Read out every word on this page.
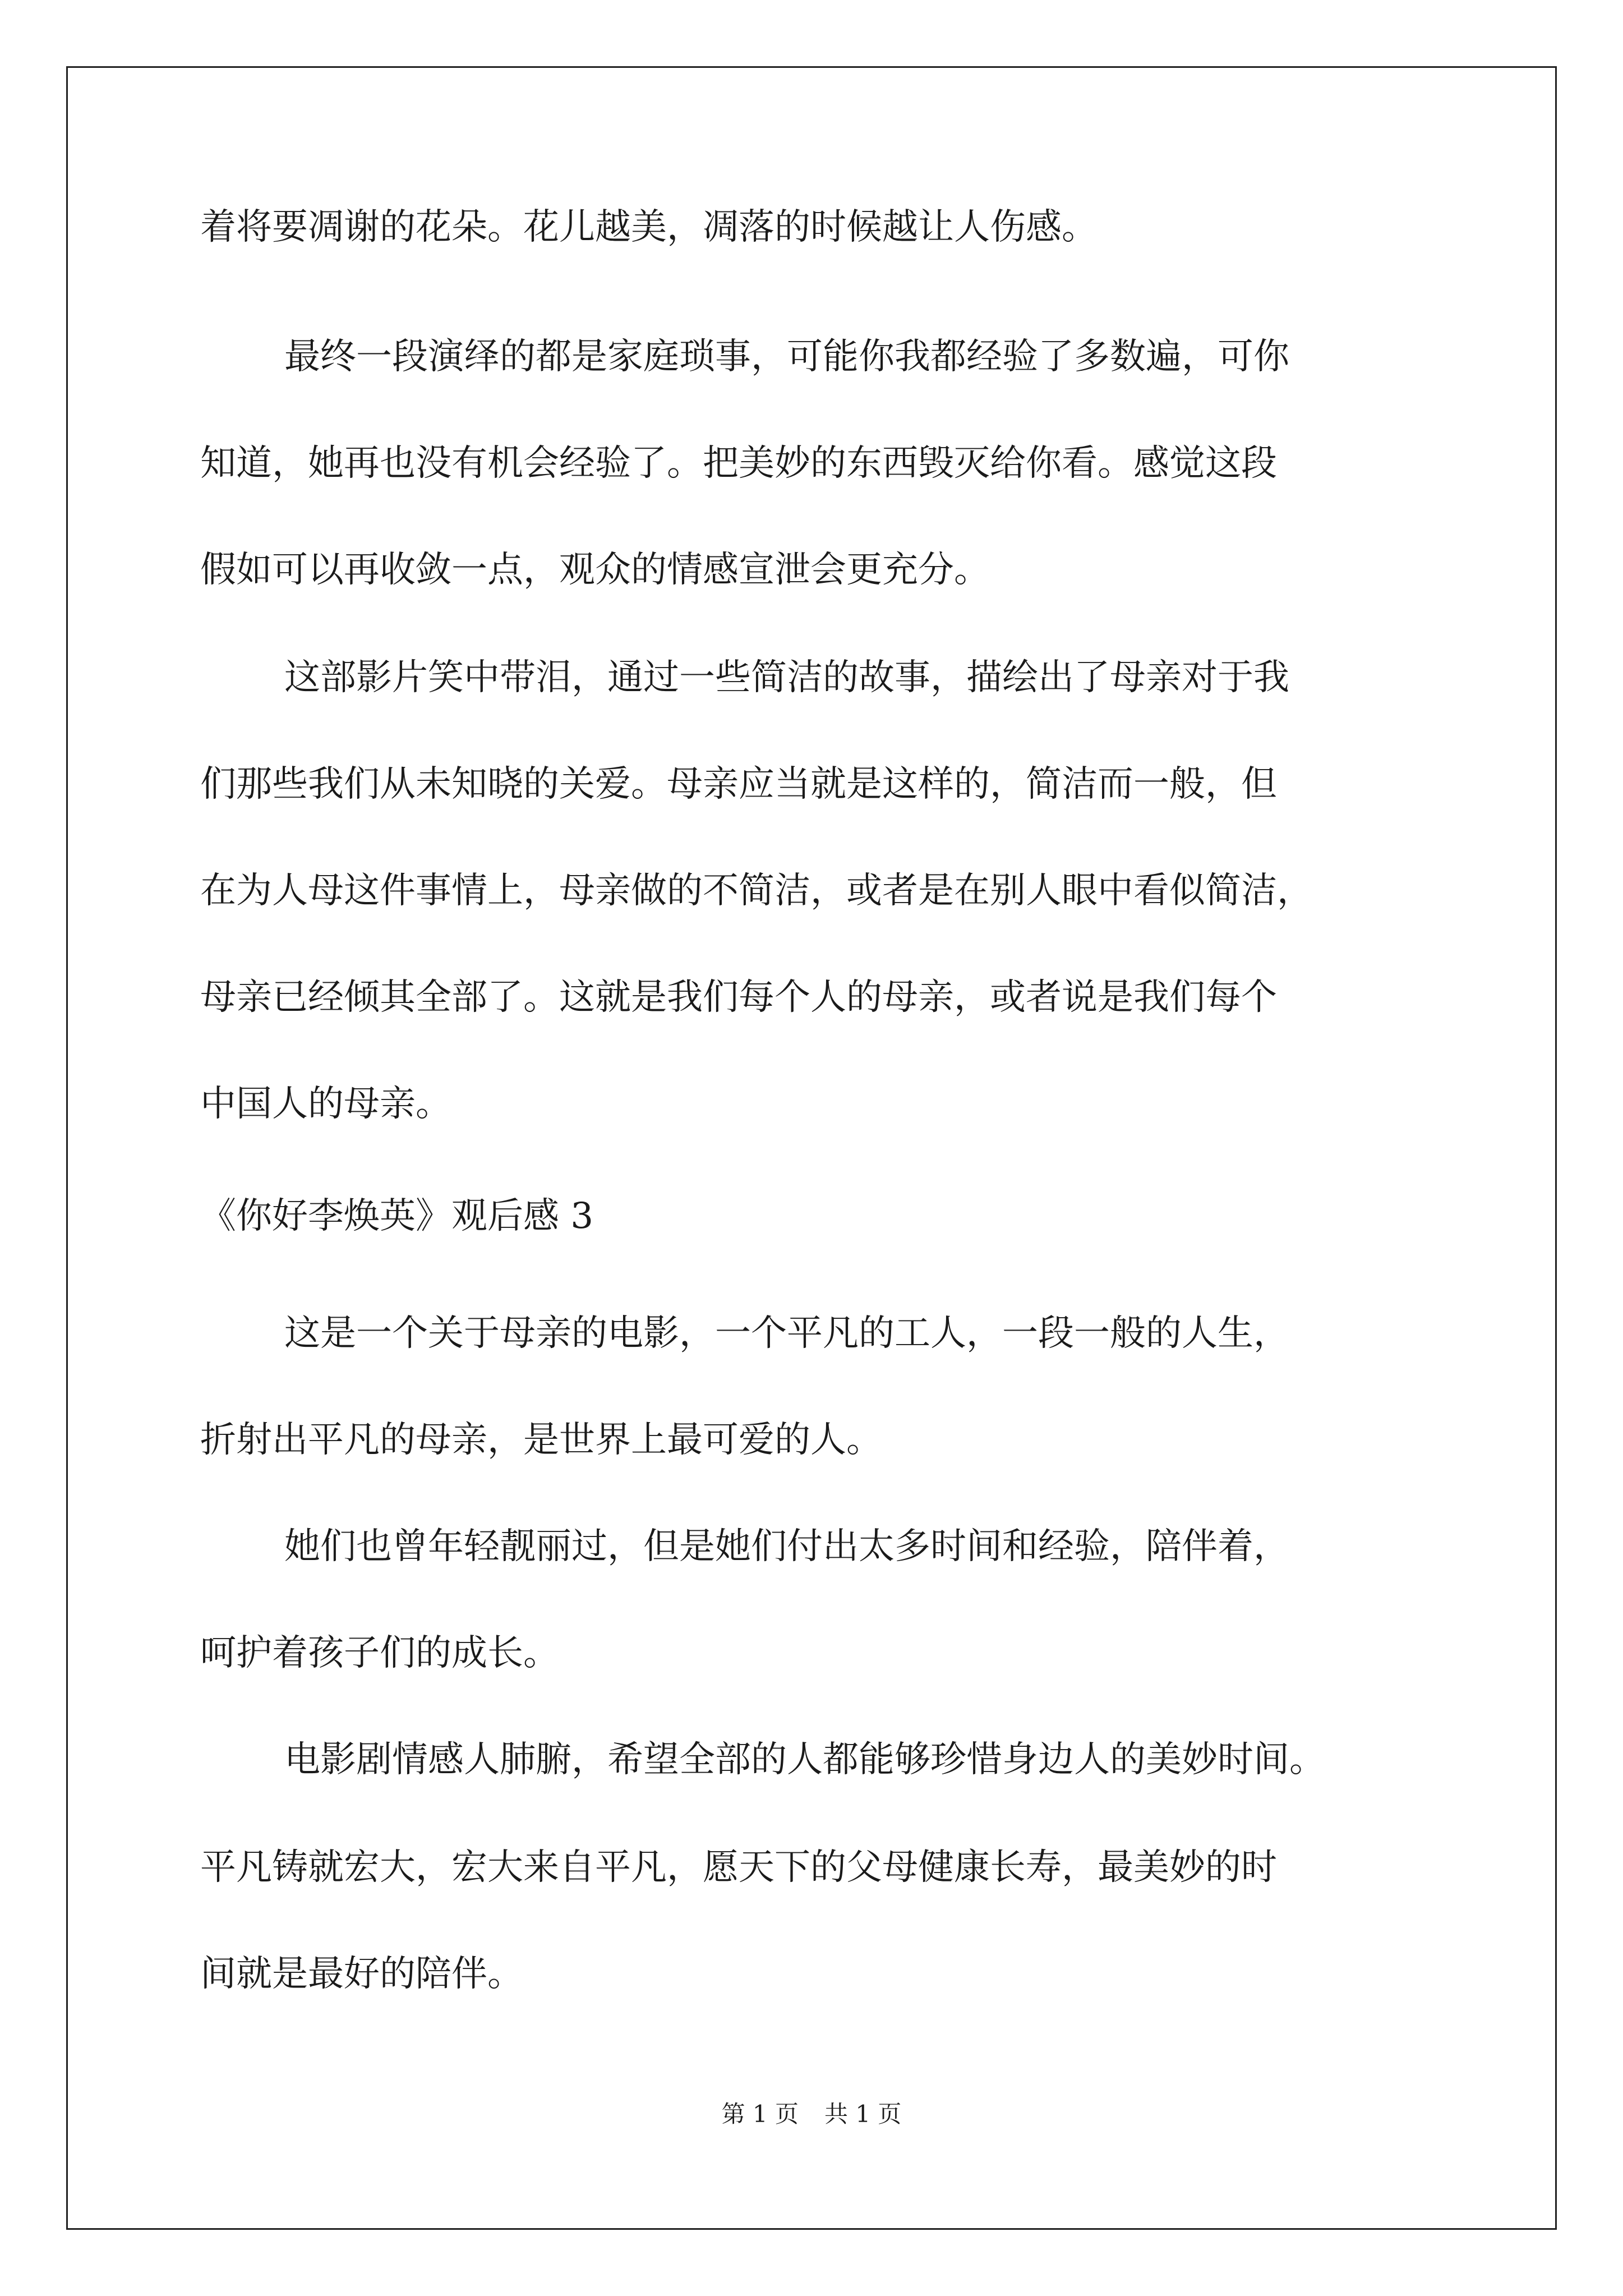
着将要凋谢的花朵。花儿越美，凋落的时候越让人伤感。
最终一段演绎的都是家庭琐事，可能你我都经验了多数遍，可你
知道，她再也没有机会经验了。把美妙的东西毁灭给你看。感觉这段
假如可以再收敛一点，观众的情感宣泄会更充分。
这部影片笑中带泪，通过一些简洁的故事，描绘出了母亲对于我
们那些我们从未知晓的关爱。母亲应当就是这样的，简洁而一般，但
在为人母这件事情上，母亲做的不简洁，或者是在别人眼中看似简洁，
母亲已经倾其全部了。这就是我们每个人的母亲，或者说是我们每个
中国人的母亲。
《你好李焕英》观后感 3
这是一个关于母亲的电影，一个平凡的工人，一段一般的人生，
折射出平凡的母亲，是世界上最可爱的人。
她们也曾年轻靓丽过，但是她们付出太多时间和经验，陪伴着，
呵护着孩子们的成长。
电影剧情感人肺腑，希望全部的人都能够珍惜身边人的美妙时间。
平凡铸就宏大，宏大来自平凡，愿天下的父母健康长寿，最美妙的时
间就是最好的陪伴。
第 1 页 共 1 页
